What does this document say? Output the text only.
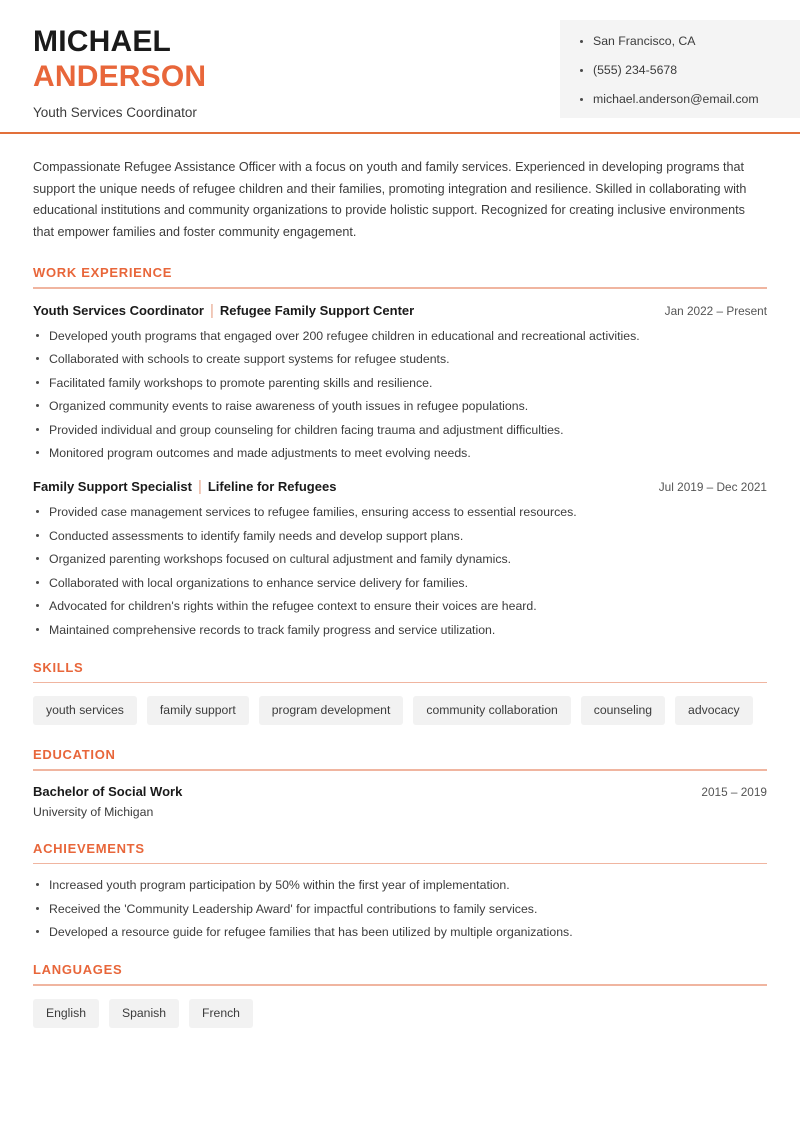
MICHAEL
ANDERSON
Youth Services Coordinator
San Francisco, CA
(555) 234-5678
michael.anderson@email.com

Compassionate Refugee Assistance Officer with a focus on youth and family services. Experienced in developing programs that support the unique needs of refugee children and their families, promoting integration and resilience. Skilled in collaborating with educational institutions and community organizations to provide holistic support. Recognized for creating inclusive environments that empower families and foster community engagement.

WORK EXPERIENCE
Youth Services Coordinator | Refugee Family Support Center	Jan 2022 – Present
Developed youth programs that engaged over 200 refugee children in educational and recreational activities.
Collaborated with schools to create support systems for refugee students.
Facilitated family workshops to promote parenting skills and resilience.
Organized community events to raise awareness of youth issues in refugee populations.
Provided individual and group counseling for children facing trauma and adjustment difficulties.
Monitored program outcomes and made adjustments to meet evolving needs.
Family Support Specialist | Lifeline for Refugees	Jul 2019 – Dec 2021
Provided case management services to refugee families, ensuring access to essential resources.
Conducted assessments to identify family needs and develop support plans.
Organized parenting workshops focused on cultural adjustment and family dynamics.
Collaborated with local organizations to enhance service delivery for families.
Advocated for children's rights within the refugee context to ensure their voices are heard.
Maintained comprehensive records to track family progress and service utilization.
SKILLS
youth services	family support	program development	community collaboration	counseling	advocacy
EDUCATION
Bachelor of Social Work	2015 – 2019
University of Michigan
ACHIEVEMENTS
Increased youth program participation by 50% within the first year of implementation.
Received the 'Community Leadership Award' for impactful contributions to family services.
Developed a resource guide for refugee families that has been utilized by multiple organizations.
LANGUAGES
English	Spanish	French
